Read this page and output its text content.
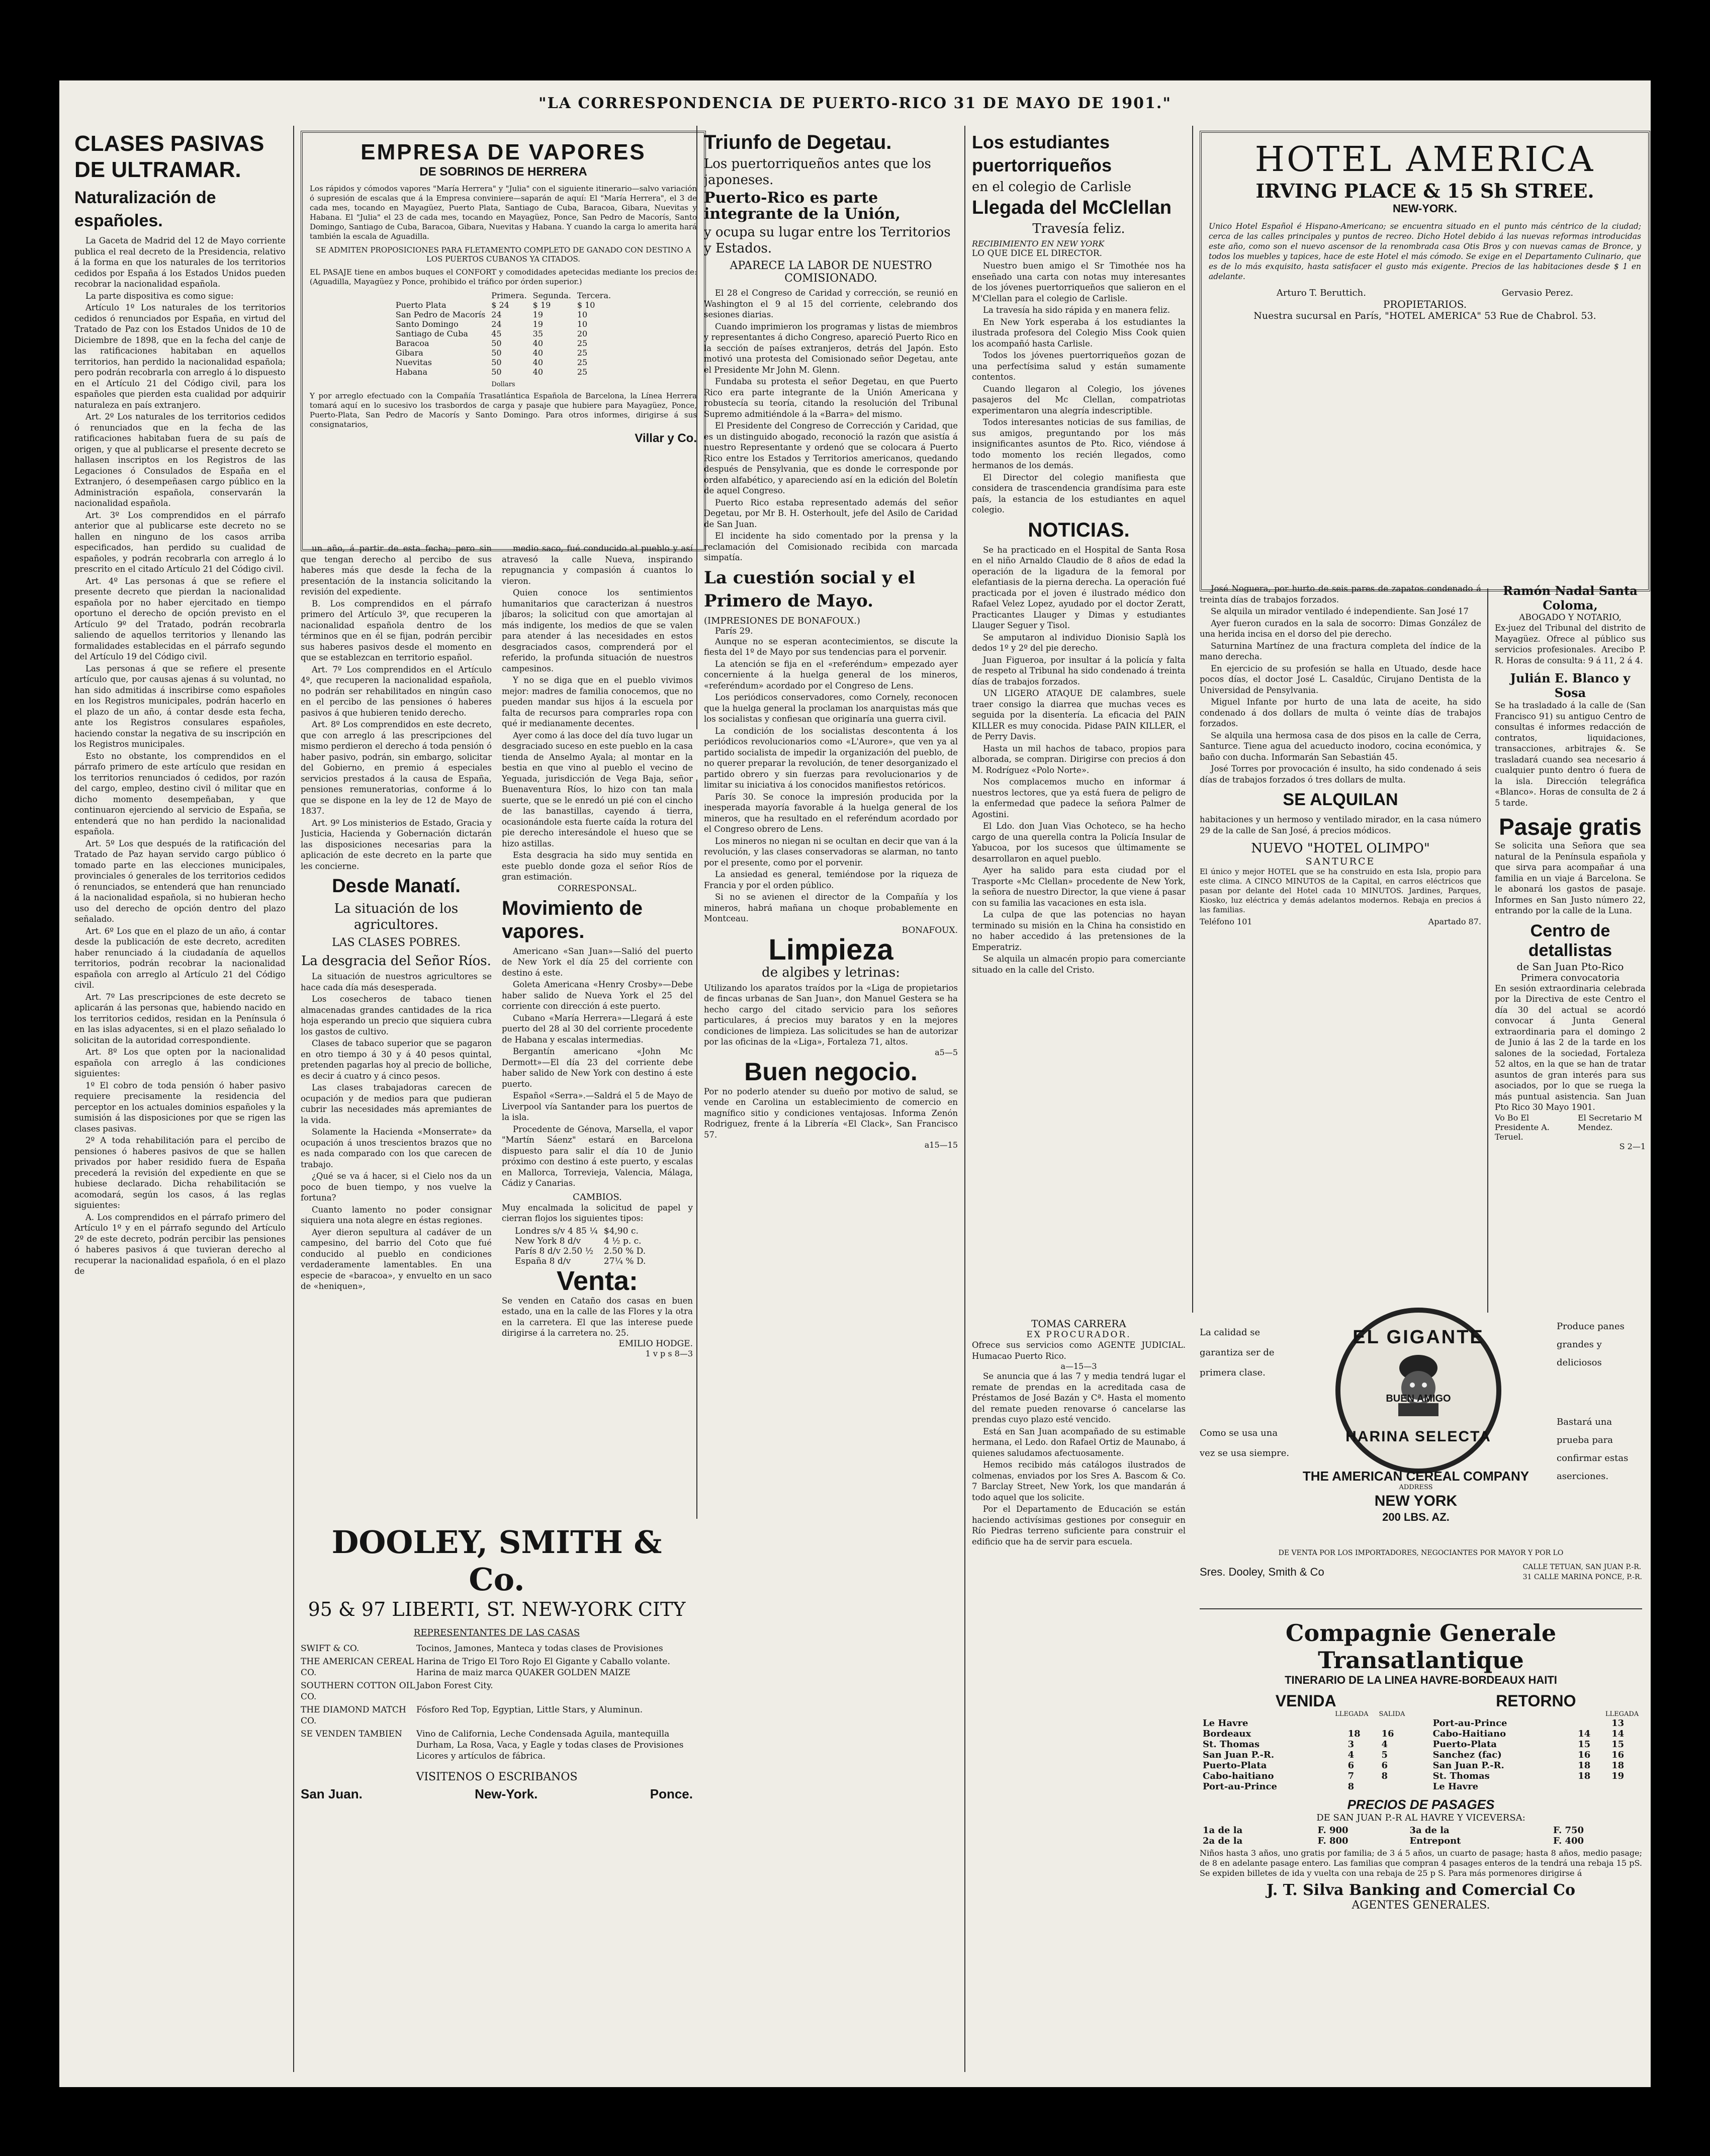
"LA CORRESPONDENCIA DE PUERTO-RICO 31 DE MAYO DE 1901."
CLASES PASIVAS DE ULTRAMAR.
Naturalización de españoles.

La Gaceta de Madrid del 12 de Mayo corriente publica el real decreto de la Presidencia, relativo á la forma en que los naturales de los territorios cedidos por España á los Estados Unidos pueden recobrar la nacionalidad española.

La parte dispositiva es como sigue:

Artículo 1º Los naturales de los territorios cedidos ó renunciados por España, en virtud del Tratado de Paz con los Estados Unidos de 10 de Diciembre de 1898, que en la fecha del canje de las ratificaciones habitaban en aquellos territorios, han perdido la nacionalidad española; pero podrán recobrarla con arreglo á lo dispuesto en el Artículo 21 del Código civil, para los españoles que pierden esta cualidad por adquirir naturaleza en país extranjero.

Art. 2º Los naturales de los territorios cedidos ó renunciados que en la fecha de las ratificaciones habitaban fuera de su país de origen, y que al publicarse el presente decreto se hallasen inscriptos en los Registros de las Legaciones ó Consulados de España en el Extranjero, ó desempeñasen cargo público en la Administración española, conservarán la nacionalidad española.

Art. 3º Los comprendidos en el párrafo anterior que al publicarse este decreto no se hallen en ninguno de los casos arriba especificados, han perdido su cualidad de españoles, y podrán recobrarla con arreglo á lo prescrito en el citado Artículo 21 del Código civil.

Art. 4º Las personas á que se refiere el presente decreto que pierdan la nacionalidad española por no haber ejercitado en tiempo oportuno el derecho de opción previsto en el Artículo 9º del Tratado, podrán recobrarla saliendo de aquellos territorios y llenando las formalidades establecidas en el párrafo segundo del Artículo 19 del Código civil.

Las personas á que se refiere el presente artículo que, por causas ajenas á su voluntad, no han sido admitidas á inscribirse como españoles en los Registros municipales, podrán hacerlo en el plazo de un año, á contar desde esta fecha, ante los Registros consulares españoles, haciendo constar la negativa de su inscripción en los Registros municipales.

Esto no obstante, los comprendidos en el párrafo primero de este artículo que residan en los territorios renunciados ó cedidos, por razón del cargo, empleo, destino civil ó militar que en dicho momento desempeñaban, y que continuaron ejerciendo al servicio de España, se entenderá que no han perdido la nacionalidad española.

Art. 5º Los que después de la ratificación del Tratado de Paz hayan servido cargo público ó tomado parte en las elecciones municipales, provinciales ó generales de los territorios cedidos ó renunciados, se entenderá que han renunciado á la nacionalidad española, si no hubieran hecho uso del derecho de opción dentro del plazo señalado.

Art. 6º Los que en el plazo de un año, á contar desde la publicación de este decreto, acrediten haber renunciado á la ciudadanía de aquellos territorios, podrán recobrar la nacionalidad española con arreglo al Artículo 21 del Código civil.

Art. 7º Las prescripciones de este decreto se aplicarán á las personas que, habiendo nacido en los territorios cedidos, residan en la Península ó en las islas adyacentes, si en el plazo señalado lo solicitan de la autoridad correspondiente.

Art. 8º Los que opten por la nacionalidad española con arreglo á las condiciones siguientes:

1º El cobro de toda pensión ó haber pasivo requiere precisamente la residencia del perceptor en los actuales dominios españoles y la sumisión á las disposiciones por que se rigen las clases pasivas.

2º A toda rehabilitación para el percibo de pensiones ó haberes pasivos de que se hallen privados por haber residido fuera de España precederá la revisión del expediente en que se hubiese declarado. Dicha rehabilitación se acomodará, según los casos, á las reglas siguientes:

A. Los comprendidos en el párrafo primero del Artículo 1º y en el párrafo segundo del Artículo 2º de este decreto, podrán percibir las pensiones ó haberes pasivos á que tuvieran derecho al recuperar la nacionalidad española, ó en el plazo de

EMPRESA DE VAPORES
DE SOBRINOS DE HERRERA
Los rápidos y cómodos vapores "María Herrera" y "Julia" con el siguiente itinerario—salvo variación ó supresión de escalas que á la Empresa conviniere—saparán de aquí: El "María Herrera", el 3 de cada mes, tocando en Mayagüez, Puerto Plata, Santiago de Cuba, Baracoa, Gibara, Nuevitas y Habana. El "Julia" el 23 de cada mes, tocando en Mayagüez, Ponce, San Pedro de Macorís, Santo Domingo, Santiago de Cuba, Baracoa, Gibara, Nuevitas y Habana. Y cuando la carga lo amerita hará también la escala de Aguadilla.
SE ADMITEN PROPOSICIONES PARA FLETAMENTO COMPLETO DE GANADO CON DESTINO A LOS PUERTOS CUBANOS YA CITADOS.
EL PASAJE tiene en ambos buques el CONFORT y comodidades apetecidas mediante los precios de: (Aguadilla, Mayagüez y Ponce, prohibido el tráfico por órden superior.)
	Primera.	Segunda.	Tercera.
Puerto Plata	$ 24	$ 19	$ 10
San Pedro de Macorís	24	19	10
Santo Domingo	24	19	10
Santiago de Cuba	45	35	20
Baracoa	50	40	25
Gibara	50	40	25
Nuevitas	50	40	25
Habana	50	40	25
Dollars
Y por arreglo efectuado con la Compañía Trasatlántica Española de Barcelona, la Línea Herrera tomará aquí en lo sucesivo los trasbordos de carga y pasaje que hubiere para Mayagüez, Ponce, Puerto-Plata, San Pedro de Macorís y Santo Domingo. Para otros informes, dirigirse á sus consignatarios,
Villar y Co.

un año, á partir de esta fecha; pero sin que tengan derecho al percibo de sus haberes más que desde la fecha de la presentación de la instancia solicitando la revisión del expediente.

B. Los comprendidos en el párrafo primero del Artículo 3º, que recuperen la nacionalidad española dentro de los términos que en él se fijan, podrán percibir sus haberes pasivos desde el momento en que se establezcan en territorio español.

Art. 7º Los comprendidos en el Artículo 4º, que recuperen la nacionalidad española, no podrán ser rehabilitados en ningún caso en el percibo de las pensiones ó haberes pasivos á que hubieren tenido derecho.

Art. 8º Los comprendidos en este decreto, que con arreglo á las prescripciones del mismo perdieron el derecho á toda pensión ó haber pasivo, podrán, sin embargo, solicitar del Gobierno, en premio á especiales servicios prestados á la causa de España, pensiones remuneratorias, conforme á lo que se dispone en la ley de 12 de Mayo de 1837.

Art. 9º Los ministerios de Estado, Gracia y Justicia, Hacienda y Gobernación dictarán las disposiciones necesarias para la aplicación de este decreto en la parte que les concierne.

Desde Manatí.
La situación de los agricultores.
LAS CLASES POBRES.
La desgracia del Señor Ríos.

La situación de nuestros agricultores se hace cada día más desesperada.

Los cosecheros de tabaco tienen almacenadas grandes cantidades de la rica hoja esperando un precio que siquiera cubra los gastos de cultivo.

Clases de tabaco superior que se pagaron en otro tiempo á 30 y á 40 pesos quintal, pretenden pagarlas hoy al precio de bolliche, es decir á cuatro y á cinco pesos.

Las clases trabajadoras carecen de ocupación y de medios para que pudieran cubrir las necesidades más apremiantes de la vida.

Solamente la Hacienda «Monserrate» da ocupación á unos trescientos brazos que no es nada comparado con los que carecen de trabajo.

¿Qué se va á hacer, si el Cielo nos da un poco de buen tiempo, y nos vuelve la fortuna?

Cuanto lamento no poder consignar siquiera una nota alegre en éstas regiones.

Ayer dieron sepultura al cadáver de un campesino, del barrio del Coto que fué conducido al pueblo en condiciones verdaderamente lamentables. En una especie de «baracoa», y envuelto en un saco de «heniquen»,

medio saco, fué conducido al pueblo y así atravesó la calle Nueva, inspirando repugnancia y compasión á cuantos lo vieron.

Quien conoce los sentimientos humanitarios que caracterizan á nuestros jíbaros; la solicitud con que amortajan al más indigente, los medios de que se valen para atender á las necesidades en estos desgraciados casos, comprenderá por el referido, la profunda situación de nuestros campesinos.

Y no se diga que en el pueblo vivimos mejor: madres de familia conocemos, que no pueden mandar sus hijos á la escuela por falta de recursos para comprarles ropa con qué ir medianamente decentes.

Ayer como á las doce del día tuvo lugar un desgraciado suceso en este pueblo en la casa tienda de Anselmo Ayala; al montar en la bestia en que vino al pueblo el vecino de Yeguada, jurisdicción de Vega Baja, señor Buenaventura Ríos, lo hizo con tan mala suerte, que se le enredó un pié con el cincho de las banastillas, cayendo á tierra, ocasionándole esta fuerte caída la rotura del pie derecho interesándole el hueso que se hizo astillas.

Esta desgracia ha sido muy sentida en este pueblo donde goza el señor Ríos de gran estimación.

CORRESPONSAL.
Movimiento de vapores.

Americano «San Juan»—Salió del puerto de New York el día 25 del corriente con destino á este.

Goleta Americana «Henry Crosby»—Debe haber salido de Nueva York el 25 del corriente con dirección á este puerto.

Cubano «María Herrera»—Llegará á este puerto del 28 al 30 del corriente procedente de Habana y escalas intermedias.

Bergantín americano «John Mc Dermott»—El día 23 del corriente debe haber salido de New York con destino á este puerto.

Español «Serra».—Saldrá el 5 de Mayo de Liverpool vía Santander para los puertos de la isla.

Procedente de Génova, Marsella, el vapor "Martín Sáenz" estará en Barcelona dispuesto para salir el día 10 de Junio próximo con destino á este puerto, y escalas en Mallorca, Torrevieja, Valencia, Málaga, Cádiz y Canarias.

CAMBIOS.
Muy encalmada la solicitud de papel y cierran flojos los siguientes tipos:
Londres s/v 4 85 ¼	$4,90 c.
New York 8 d/v	4 ½ p. c.
París 8 d/v 2.50 ½	2.50 % D.
España 8 d/v	27¼ % D.
Venta:
Se venden en Cataño dos casas en buen estado, una en la calle de las Flores y la otra en la carretera. El que las interese puede dirigirse á la carretera no. 25.
EMILIO HODGE.
1 v p s 8—3
DOOLEY, SMITH & Co.
95 & 97 LIBERTI, ST. NEW-YORK CITY
REPRESENTANTES DE LAS CASAS
SWIFT & CO.	Tocinos, Jamones, Manteca y todas clases de Provisiones
THE AMERICAN CEREAL CO.
Harina de Trigo El Toro Rojo El Gigante y Caballo volante. Harina de maiz marca QUAKER GOLDEN MAIZE
SOUTHERN COTTON OIL CO.
Jabon Forest City.
THE DIAMOND MATCH CO.
Fósforo Red Top, Egyptian, Little Stars, y Aluminun.
SE VENDEN TAMBIEN	Vino de California, Leche Condensada Aguila, mantequilla Durham, La Rosa, Vaca, y Eagle y todas clases de Provisiones Licores y artículos de fábrica.
VISITENOS O ESCRIBANOS
San Juan.	New-York.	Ponce.
Triunfo de Degetau.
Los puertorriqueños antes que los japoneses.
Puerto-Rico es parte integrante de la Unión,
y ocupa su lugar entre los Territorios y Estados.
APARECE LA LABOR DE NUESTRO COMISIONADO.

El 28 el Congreso de Caridad y corrección, se reunió en Washington el 9 al 15 del corriente, celebrando dos sesiones diarias.

Cuando imprimieron los programas y listas de miembros y representantes á dicho Congreso, apareció Puerto Rico en la sección de países extranjeros, detrás del Japón. Esto motivó una protesta del Comisionado señor Degetau, ante el Presidente Mr John M. Glenn.

Fundaba su protesta el señor Degetau, en que Puerto Rico era parte integrante de la Unión Americana y robustecía su teoría, citando la resolución del Tribunal Supremo admitiéndole á la «Barra» del mismo.

El Presidente del Congreso de Corrección y Caridad, que es un distinguido abogado, reconoció la razón que asistía á nuestro Representante y ordenó que se colocara á Puerto Rico entre los Estados y Territorios americanos, quedando después de Pensylvania, que es donde le corresponde por orden alfabético, y apareciendo así en la edición del Boletín de aquel Congreso.

Puerto Rico estaba representado además del señor Degetau, por Mr B. H. Osterhoult, jefe del Asilo de Caridad de San Juan.

El incidente ha sido comentado por la prensa y la reclamación del Comisionado recibida con marcada simpatía.

La cuestión social y el Primero de Mayo.
(IMPRESIONES DE BONAFOUX.)
París 29.

Aunque no se esperan acontecimientos, se discute la fiesta del 1º de Mayo por sus tendencias para el porvenir.

La atención se fija en el «referéndum» empezado ayer concerniente á la huelga general de los mineros, «referéndum» acordado por el Congreso de Lens.

Los periódicos conservadores, como Cornely, reconocen que la huelga general la proclaman los anarquistas más que los socialistas y confiesan que originaría una guerra civil.

La condición de los socialistas descontenta á los periódicos revolucionarios como «L'Aurore», que ven ya al partido socialista de impedir la organización del pueblo, de no querer preparar la revolución, de tener desorganizado el partido obrero y sin fuerzas para revolucionarios y de limitar su iniciativa á los conocidos manifiestos retóricos.

París 30. Se conoce la impresión producida por la inesperada mayoría favorable á la huelga general de los mineros, que ha resultado en el referéndum acordado por el Congreso obrero de Lens.

Los mineros no niegan ni se ocultan en decir que van á la revolución, y las clases conservadoras se alarman, no tanto por el presente, como por el porvenir.

La ansiedad es general, temiéndose por la riqueza de Francia y por el orden público.

Si no se avienen el director de la Compañía y los mineros, habrá mañana un choque probablemente en Montceau.

BONAFOUX.
Limpieza
de algibes y letrinas:
Utilizando los aparatos traídos por la «Liga de propietarios de fincas urbanas de San Juan», don Manuel Gestera se ha hecho cargo del citado servicio para los señores particulares, á precios muy baratos y en la mejores condiciones de limpieza. Las solicitudes se han de autorizar por las oficinas de la «Liga», Fortaleza 71, altos.
a5—5
Buen negocio.
Por no poderlo atender su dueño por motivo de salud, se vende en Carolina un establecimiento de comercio en magnífico sitio y condiciones ventajosas. Informa Zenón Rodriguez, frente á la Librería «El Clack», San Francisco 57.
a15—15
Los estudiantes puertorriqueños
en el colegio de Carlisle
Llegada del McClellan
Travesía feliz.
RECIBIMIENTO EN NEW YORK
LO QUE DICE EL DIRECTOR.

Nuestro buen amigo el Sr Timothée nos ha enseñado una carta con notas muy interesantes de los jóvenes puertorriqueños que salieron en el M'Clellan para el colegio de Carlisle.

La travesía ha sido rápida y en manera feliz.

En New York esperaba á los estudiantes la ilustrada profesora del Colegio Miss Cook quien los acompañó hasta Carlisle.

Todos los jóvenes puertorriqueños gozan de una perfectísima salud y están sumamente contentos.

Cuando llegaron al Colegio, los jóvenes pasajeros del Mc Clellan, compatriotas experimentaron una alegría indescriptible.

Todos interesantes noticias de sus familias, de sus amigos, preguntando por los más insignificantes asuntos de Pto. Rico, viéndose á todo momento los recién llegados, como hermanos de los demás.

El Director del colegio manifiesta que considera de trascendencia grandísima para este país, la estancia de los estudiantes en aquel colegio.

NOTICIAS.

Se ha practicado en el Hospital de Santa Rosa en el niño Arnaldo Claudio de 8 años de edad la operación de la ligadura de la femoral por elefantiasis de la pierna derecha. La operación fué practicada por el joven é ilustrado médico don Rafael Velez Lopez, ayudado por el doctor Zeratt, Practicantes Llauger y Dimas y estudiantes Llauger Seguer y Tisol.

Se amputaron al individuo Dionisio Saplà los dedos 1º y 2º del pie derecho.

Juan Figueroa, por insultar á la policía y falta de respeto al Tribunal ha sido condenado á treinta días de trabajos forzados.

UN LIGERO ATAQUE DE calambres, suele traer consigo la diarrea que muchas veces es seguida por la disentería. La eficacia del PAIN KILLER es muy conocida. Pidase PAIN KILLER, el de Perry Davis.

Hasta un mil hachos de tabaco, propios para alborada, se compran. Dirigirse con precios á don M. Rodríguez «Polo Norte».

Nos complacemos mucho en informar á nuestros lectores, que ya está fuera de peligro de la enfermedad que padece la señora Palmer de Agostini.

El Ldo. don Juan Vias Ochoteco, se ha hecho cargo de una querella contra la Policía Insular de Yabucoa, por los sucesos que últimamente se desarrollaron en aquel pueblo.

Ayer ha salido para esta ciudad por el Trasporte «Mc Clellan» procedente de New York, la señora de nuestro Director, la que viene á pasar con su familia las vacaciones en esta isla.

La culpa de que las potencias no hayan terminado su misión en la China ha consistido en no haber accedido á las pretensiones de la Emperatriz.

Se alquila un almacén propio para comerciante situado en la calle del Cristo.

TOMAS CARRERA
EX PROCURADOR.
Ofrece sus servicios como AGENTE JUDICIAL. Humacao Puerto Rico.
a—15—3

Se anuncia que á las 7 y media tendrá lugar el remate de prendas en la acreditada casa de Préstamos de José Bazán y Cª. Hasta el momento del remate pueden renovarse ó cancelarse las prendas cuyo plazo esté vencido.

Está en San Juan acompañado de su estimable hermana, el Ledo. don Rafael Ortiz de Maunabo, á quienes saludamos afectuosamente.

Hemos recibido más catálogos ilustrados de colmenas, enviados por los Sres A. Bascom & Co. 7 Barclay Street, New York, los que mandarán á todo aquel que los solicite.

Por el Departamento de Educación se están haciendo activísimas gestiones por conseguir en Río Piedras terreno suficiente para construir el edificio que ha de servir para escuela.

HOTEL AMERICA
IRVING PLACE & 15 Sh STREE.
NEW-YORK.
Unico Hotel Español é Hispano-Americano; se encuentra situado en el punto más céntrico de la ciudad; cerca de las calles principales y puntos de recreo. Dicho Hotel debido á las nuevas reformas introducidas este año, como son el nuevo ascensor de la renombrada casa Otis Bros y con nuevas camas de Bronce, y todos los muebles y tapices, hace de este Hotel el más cómodo. Se exige en el Departamento Culinario, que es de lo más exquisito, hasta satisfacer el gusto más exigente. Precios de las habitaciones desde $ 1 en adelante.
Arturo T. Beruttich.	Gervasio Perez.
PROPIETARIOS.
Nuestra sucursal en París, "HOTEL AMERICA" 53 Rue de Chabrol. 53.

José Noguera, por hurto de seis pares de zapatos condenado á treinta días de trabajos forzados.

Se alquila un mirador ventilado é independiente. San José 17

Ayer fueron curados en la sala de socorro: Dimas González de una herida incisa en el dorso del pie derecho.

Saturnina Martínez de una fractura completa del índice de la mano derecha.

En ejercicio de su profesión se halla en Utuado, desde hace pocos días, el doctor José L. Casaldúc, Cirujano Dentista de la Universidad de Pensylvania.

Miguel Infante por hurto de una lata de aceite, ha sido condenado á dos dollars de multa ó veinte días de trabajos forzados.

Se alquila una hermosa casa de dos pisos en la calle de Cerra, Santurce. Tiene agua del acueducto inodoro, cocina económica, y baño con ducha. Informarán San Sebastián 45.

José Torres por provocación é insulto, ha sido condenado á seis días de trabajos forzados ó tres dollars de multa.

SE ALQUILAN
habitaciones y un hermoso y ventilado mirador, en la casa número 29 de la calle de San José, á precios módicos.
NUEVO "HOTEL OLIMPO"
SANTURCE
El único y mejor HOTEL que se ha construido en esta Isla, propio para este clima. A CINCO MINUTOS de la Capital, en carros eléctricos que pasan por delante del Hotel cada 10 MINUTOS. Jardines, Parques, Kiosko, luz eléctrica y demás adelantos modernos. Rebaja en precios á las familias.
Teléfono 101	Apartado 87.
Ramón Nadal Santa Coloma,
ABOGADO Y NOTARIO,
Ex-juez del Tribunal del distrito de Mayagüez. Ofrece al público sus servicios profesionales. Arecibo P. R. Horas de consulta: 9 á 11, 2 á 4.
Julián E. Blanco y Sosa
Se ha trasladado á la calle de (San Francisco 91) su antiguo Centro de consultas é informes redacción de contratos, liquidaciones, transacciones, arbitrajes &. Se trasladará cuando sea necesario á cualquier punto dentro ó fuera de la isla. Dirección telegráfica «Blanco». Horas de consulta de 2 á 5 tarde.
Pasaje gratis
Se solicita una Señora que sea natural de la Península española y que sirva para acompañar á una familia en un viaje á Barcelona. Se le abonará los gastos de pasaje. Informes en San Justo número 22, entrando por la calle de la Luna.
Centro de detallistas
de San Juan Pto-Rico
Primera convocatoria
En sesión extraordinaria celebrada por la Directiva de este Centro el día 30 del actual se acordó convocar á Junta General extraordinaria para el domingo 2 de Junio á las 2 de la tarde en los salones de la sociedad, Fortaleza 52 altos, en la que se han de tratar asuntos de gran interés para sus asociados, por lo que se ruega la más puntual asistencia. San Juan Pto Rico 30 Mayo 1901.
Vo Bo El Presidente A. Teruel.
El Secretario M Mendez.
S 2—1
La calidad se garantiza ser de primera clase.
Produce panes grandes y deliciosos
Como se usa una vez se usa siempre.
Bastará una prueba para confirmar estas aserciones.
EL GIGANTE
BUEN AMIGO
HARINA SELECTA
THE AMERICAN CEREAL COMPANY
ADDRESS
NEW YORK
200 LBS. AZ.
DE VENTA POR LOS IMPORTADORES, NEGOCIANTES POR MAYOR Y POR LO
Sres. Dooley, Smith & Co	CALLE TETUAN, SAN JUAN P.-R.
31 CALLE MARINA PONCE, P.-R.
Compagnie Generale Transatlantique
TINERARIO DE LA LINEA HAVRE-BORDEAUX HAITI
VENIDA
LLEGADA	SALIDA
Le Havre		
Bordeaux	18	16
St. Thomas	3	4
San Juan P.-R.	4	5
Puerto-Plata	6	6
Cabo-haitiano	7	8
Port-au-Prince	8	
RETORNO
LLEGADA
Port-au-Prince		13
Cabo-Haitiano	14	14
Puerto-Plata	15	15
Sanchez (fac)	16	16
San Juan P.-R.	18	18
St. Thomas	18	19
Le Havre		
PRECIOS DE PASAGES
DE SAN JUAN P.-R AL HAVRE Y VICEVERSA:
1a de la	F. 900	3a de la	F. 750
2a de la	F. 800	Entrepont	F. 400
Niños hasta 3 años, uno gratis por familia; de 3 á 5 años, un cuarto de pasage; hasta 8 años, medio pasage; de 8 en adelante pasage entero. Las familias que compran 4 pasages enteros de la tendrá una rebaja 15 pS. Se expiden billetes de ida y vuelta con una rebaja de 25 p S. Para más pormenores dirigirse á
J. T. Silva Banking and Comercial Co
AGENTES GENERALES.
